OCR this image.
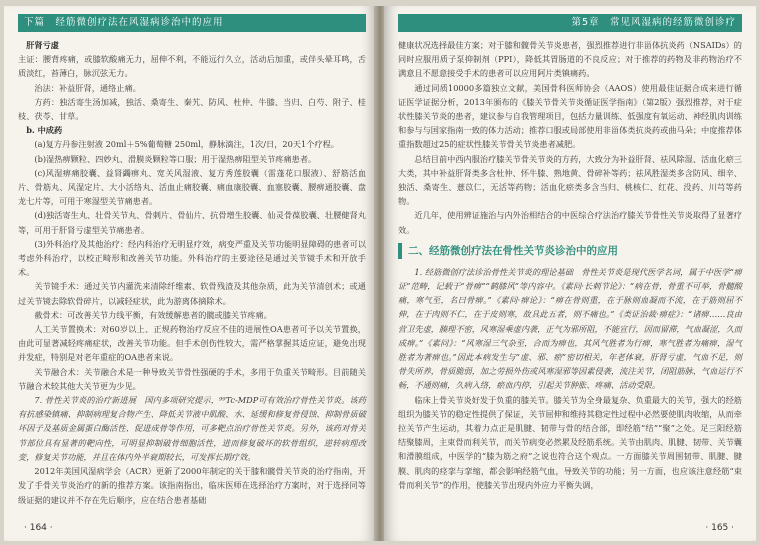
下篇　经筋微创疗法在风湿病诊治中的应用

肝肾亏虚

主证：腰背疼痛，或膝软酸痛无力，屈伸不利，不能远行久立，活动后加重，或伴头晕耳鸣，舌质淡红，苔薄白，脉沉弦无力。

治法：补益肝肾，通络止痛。

方药：独活寄生汤加减，独活、桑寄生、秦艽、防风、杜仲、牛膝、当归、白芍、附子、桂枝、茯苓、甘草。

b. 中成药

(a)复方丹参注射液 20ml＋5%葡萄糖 250ml，静脉滴注，1次/日，20天1个疗程。

(b)湿热痹颗粒、四妙丸、滑膜炎颗粒等口服；用于湿热痹阻型关节疼痛患者。

(c)风湿痹痛胶囊、益肾蠲痹丸、宽关风湿液、复方秀莲胶囊（雷蓬花口服液）、舒筋活血片、骨筋丸、风湿定片、大小活络丸、活血止痛胶囊、痛血康胶囊、血塞胶囊、腰痹通胶囊、盘龙七片等，可用于寒湿型关节痛患者。

(d)独活寄生丸、壮骨关节丸、骨刺片、骨仙片、抗骨增生胶囊、仙灵骨葆胶囊、壮腰健肾丸等，可用于肝肾亏虚型关节痛患者。

(3)外科治疗及其他治疗：经内科治疗无明显疗效，病变严重及关节功能明显障碍的患者可以考虑外科治疗，以校正畸形和改善关节功能。外科治疗的主要途径是通过关节镜手术和开放手术。

关节镜手术：通过关节内灌洗来清除纤维素、软骨残渣及其他杂质，此为关节清创术；或通过关节镜去除软骨碎片，以减轻症状，此为游离体摘除术。

截骨术：可改善关节力线平衡，有效缓解患者的髋或膝关节疼痛。

人工关节置换术：对60岁以上、正规药物治疗反应不佳的进展性OA患者可予以关节置换，由此可显著减轻疼痛症状，改善关节功能。但手术创伤性较大，需严格掌握其适应证，避免出现并发症，特别是对老年重症的OA患者来说。

关节融合术：关节融合术是一种导致关节骨性强硬的手术，多用于负重关节畸形。目前随关节融合术较其他大关节更为少见。

7. 骨性关节炎的治疗新进展　国内多项研究提示，⁹⁹Tc-MDP可有效治疗骨性关节炎。该药有抗感染镇痛、抑制病理复合物产生、降低关节液中肌酸、水、延缓和修复骨侵蚀、抑制骨质破坏因子及基质金属蛋白酶活性、促进成骨等作用，可多靶点治疗骨性关节炎。另外，该药对骨关节部位具有显著的靶向性，可明显抑制破骨细胞活性，进而修复破坏的软骨组织，逆转病理改变，修复关节功能，并且在体内外半衰期较长，可发挥长期疗效。

2012年美国风湿病学会（ACR）更新了2000年制定的关于膝和髋骨关节炎的治疗指南，开发了手骨关节炎治疗的新的推荐方案。该指南指出，临床医师在选择治疗方案时，对于选择同等级证据的建议并不存在先后顺序，应在结合患者基础

· 164 ·
第5章　常见风湿病的经筋微创诊疗

健康状况选择最佳方案；对于膝和髋骨关节炎患者，强烈推荐进行非甾体抗炎药（NSAIDs）的同时应服用质子泵抑制剂（PPI），降低其胃肠道的不良反应；对于推荐的药物及非药物治疗不满意且不愿意接受手术的患者可以应用阿片类镇痛药。

通过同质10000多篇独立文献，美国骨科医师协会（AAOS）使用最佳证据合成来进行循证医学证据分析，2013年颁布的《膝关节骨关节炎循证医学指南》（第2版）强烈推荐，对于症状性膝关节炎的患者，建议参与自我管理项目，包括力量训练、低强度有氧运动、神经肌肉训练和参与与国家指南一致的体力活动；推荐口服或局部使用非甾体类抗炎药或曲马朵；中度推荐体重指数超过25的症状性膝关节骨关节炎患者减肥。

总结目前中西内服治疗膝关节骨关节炎的方药，大致分为补益肝肾、祛风除湿、活血化瘀三大类，其中补益肝肾类多含杜仲、怀牛膝、熟地黄、骨碎补等药；祛风胜湿类多含防风、细辛、独活、桑寄生、薏苡仁，无活等药物；活血化瘀类多含当归、桃核仁、红花、没药、川芎等药物。

近几年，使用辨证施治与内外治相结合的中医综合疗法治疗膝关节骨性关节炎取得了显著疗效。

二、经筋微创疗法在骨性关节炎诊治中的应用

1. 经筋微创疗法诊治骨性关节炎的理论基础　骨性关节炎是现代医学名词，属于中医学“痹证”范畴，记载于“骨痹”“鹤膝风”等内容中。《素问·长刺节论》：“病在骨，骨重不可举，骨髓酸痛，寒气至，名曰骨痹。”《素问·痹论》：“痹在骨则重，在于脉则血凝而不流，在于筋则屈不伸，在于肉则不仁，在于皮则寒，故具此五者，则不痛也。”《类证治裁·痹症》：“诸痹……良由营卫先虚，腠理不密，风寒湿乘虚内袭，正气为邪所阻，不能宣行，因而留滞，气血凝涩，久而成痹。”《素问》：“风寒湿三气杂至，合而为痹也，其风气胜者为行痹，寒气胜者为痛痹，湿气胜者为著痹也。”因此本病发生与“虚、邪、瘀”密切相关，年老体衰，肝肾亏虚，气血不足，则骨失所养，骨质脆弱，加之劳损外伤或风寒湿邪等因素侵袭，流注关节，闭阻筋脉，气血运行不畅，不通则痛，久病入络，瘀血内停，引起关节肿胀、疼痛、活动受限。

临床上骨关节炎好发于负重的膝关节。膝关节为全身最复杂、负重最大的关节，强大的经筋组织为膝关节的稳定性提供了保证，关节屈伸和维持其稳定性过程中必然要使肌肉收缩，从而牵拉关节产生运动，其着力点正是肌腱、韧带与骨的结合部，即经筋“结”“聚”之处。足三阳经筋结聚膝周，主束骨而利关节，而关节病变必然累及经筋系统。关节由肌肉、肌腱、韧带、关节囊和滑膜组成，中医学的“膝为筋之府”之说也符合这个观点。一方面膝关节周围韧带、肌腱、腱膜、肌肉的痉挛与挛缩，都会影响经筋气血，导致关节的功能；另一方面，也应该注意经筋“束骨而利关节”的作用，使膝关节出现内外应力平衡失调，

· 165 ·
